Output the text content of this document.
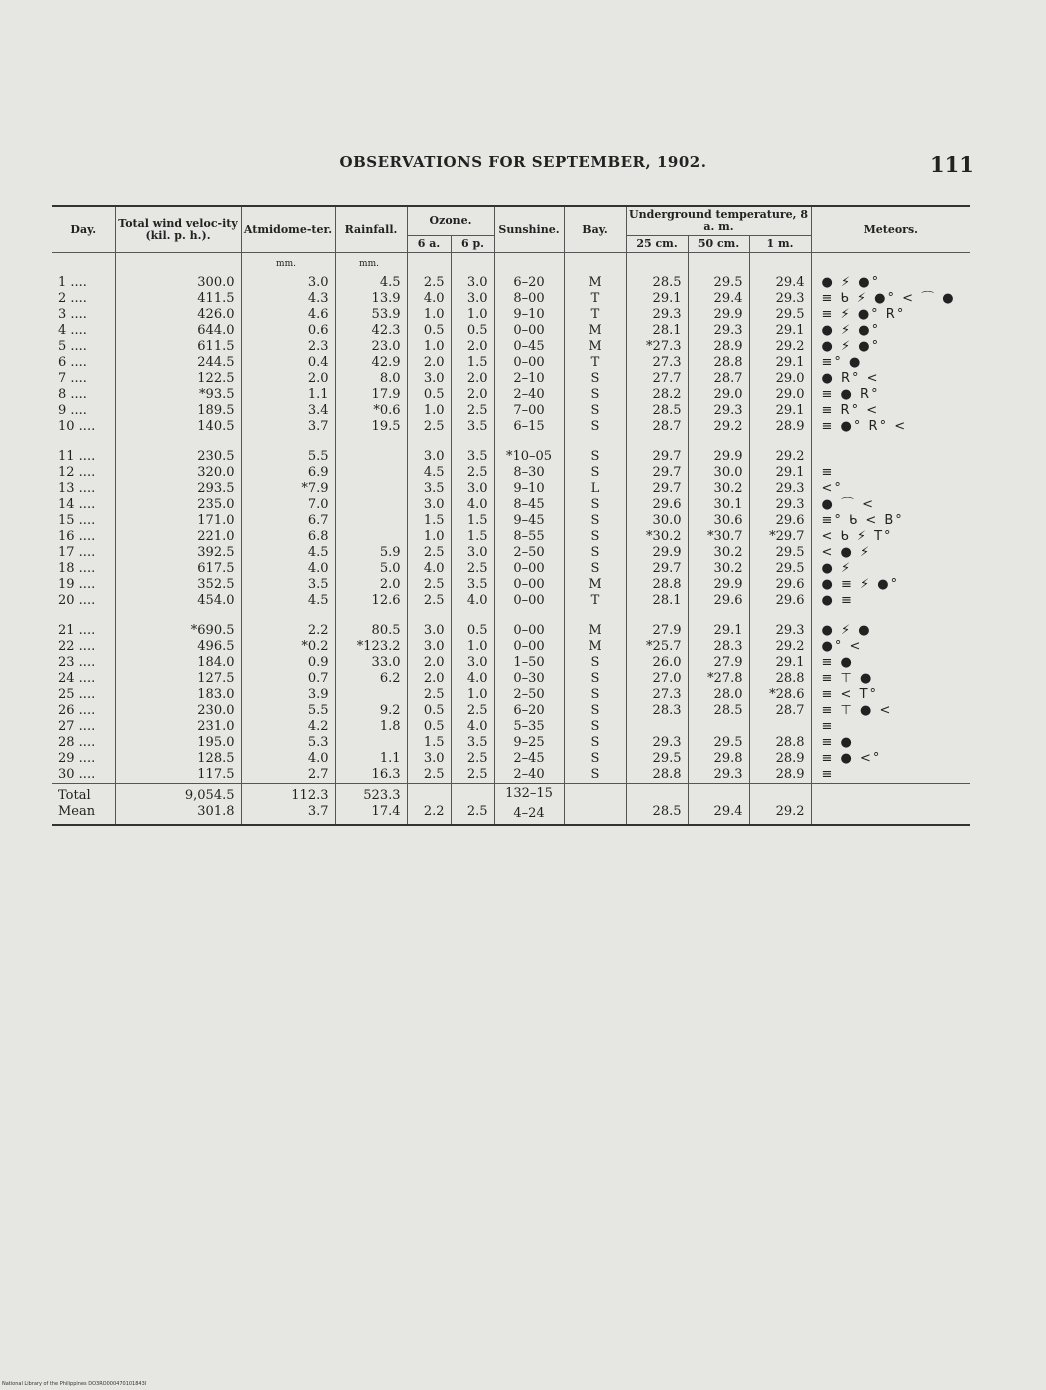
OBSERVATIONS FOR SEPTEMBER, 1902.	111
Day.	Total wind veloc-ity (kil. p. h.).	Atmidome-ter.	Rainfall.	Ozone.		Sunshine.	Bay.	Underground temperature, 8 a. m.			Meteors.
				6 a.	6 p.			25 cm.	50 cm.	1 m.	
		mm.	mm.								
1 ....	300.0	3.0	4.5	2.5	3.0	6–20	M	28.5	29.5	29.4	● ⚡ ●°
2 ....	411.5	4.3	13.9	4.0	3.0	8–00	T	29.1	29.4	29.3	≡ ᑲ ⚡ ●° < ⌒ ●
3 ....	426.0	4.6	53.9	1.0	1.0	9–10	T	29.3	29.9	29.5	≡ ⚡ ●° R°
4 ....	644.0	0.6	42.3	0.5	0.5	0–00	M	28.1	29.3	29.1	● ⚡ ●°
5 ....	611.5	2.3	23.0	1.0	2.0	0–45	M	*27.3	28.9	29.2	● ⚡ ●°
6 ....	244.5	0.4	42.9	2.0	1.5	0–00	T	27.3	28.8	29.1	≡° ●
7 ....	122.5	2.0	8.0	3.0	2.0	2–10	S	27.7	28.7	29.0	● R° <
8 ....	*93.5	1.1	17.9	0.5	2.0	2–40	S	28.2	29.0	29.0	≡ ● R°
9 ....	189.5	3.4	*0.6	1.0	2.5	7–00	S	28.5	29.3	29.1	≡ R° <
10 ....	140.5	3.7	19.5	2.5	3.5	6–15	S	28.7	29.2	28.9	≡ ●° R° <

11 ....	230.5	5.5		3.0	3.5	*10–05	S	29.7	29.9	29.2	
12 ....	320.0	6.9		4.5	2.5	8–30	S	29.7	30.0	29.1	≡
13 ....	293.5	*7.9		3.5	3.0	9–10	L	29.7	30.2	29.3	<°
14 ....	235.0	7.0		3.0	4.0	8–45	S	29.6	30.1	29.3	● ⌒ <
15 ....	171.0	6.7		1.5	1.5	9–45	S	30.0	30.6	29.6	≡° ᑲ < B°
16 ....	221.0	6.8		1.0	1.5	8–55	S	*30.2	*30.7	*29.7	< ᑲ ⚡ T°
17 ....	392.5	4.5	5.9	2.5	3.0	2–50	S	29.9	30.2	29.5	< ● ⚡
18 ....	617.5	4.0	5.0	4.0	2.5	0–00	S	29.7	30.2	29.5	● ⚡
19 ....	352.5	3.5	2.0	2.5	3.5	0–00	M	28.8	29.9	29.6	● ≡ ⚡ ●°
20 ....	454.0	4.5	12.6	2.5	4.0	0–00	T	28.1	29.6	29.6	● ≡

21 ....	*690.5	2.2	80.5	3.0	0.5	0–00	M	27.9	29.1	29.3	● ⚡ ●
22 ....	496.5	*0.2	*123.2	3.0	1.0	0–00	M	*25.7	28.3	29.2	●° <
23 ....	184.0	0.9	33.0	2.0	3.0	1–50	S	26.0	27.9	29.1	≡ ●
24 ....	127.5	0.7	6.2	2.0	4.0	0–30	S	27.0	*27.8	28.8	≡ ⊤ ●
25 ....	183.0	3.9		2.5	1.0	2–50	S	27.3	28.0	*28.6	≡ < T°
26 ....	230.0	5.5	9.2	0.5	2.5	6–20	S	28.3	28.5	28.7	≡ ⊤ ● <
27 ....	231.0	4.2	1.8	0.5	4.0	5–35	S				≡
28 ....	195.0	5.3		1.5	3.5	9–25	S	29.3	29.5	28.8	≡ ●
29 ....	128.5	4.0	1.1	3.0	2.5	2–45	S	29.5	29.8	28.9	≡ ● <°
30 ....	117.5	2.7	16.3	2.5	2.5	2–40	S	28.8	29.3	28.9	≡
Total	9,054.5	112.3	523.3			132–15					
Mean	301.8	3.7	17.4	2.2	2.5	4–24		28.5	29.4	29.2	
National Library of the Philippines DO3RO000470101843I
